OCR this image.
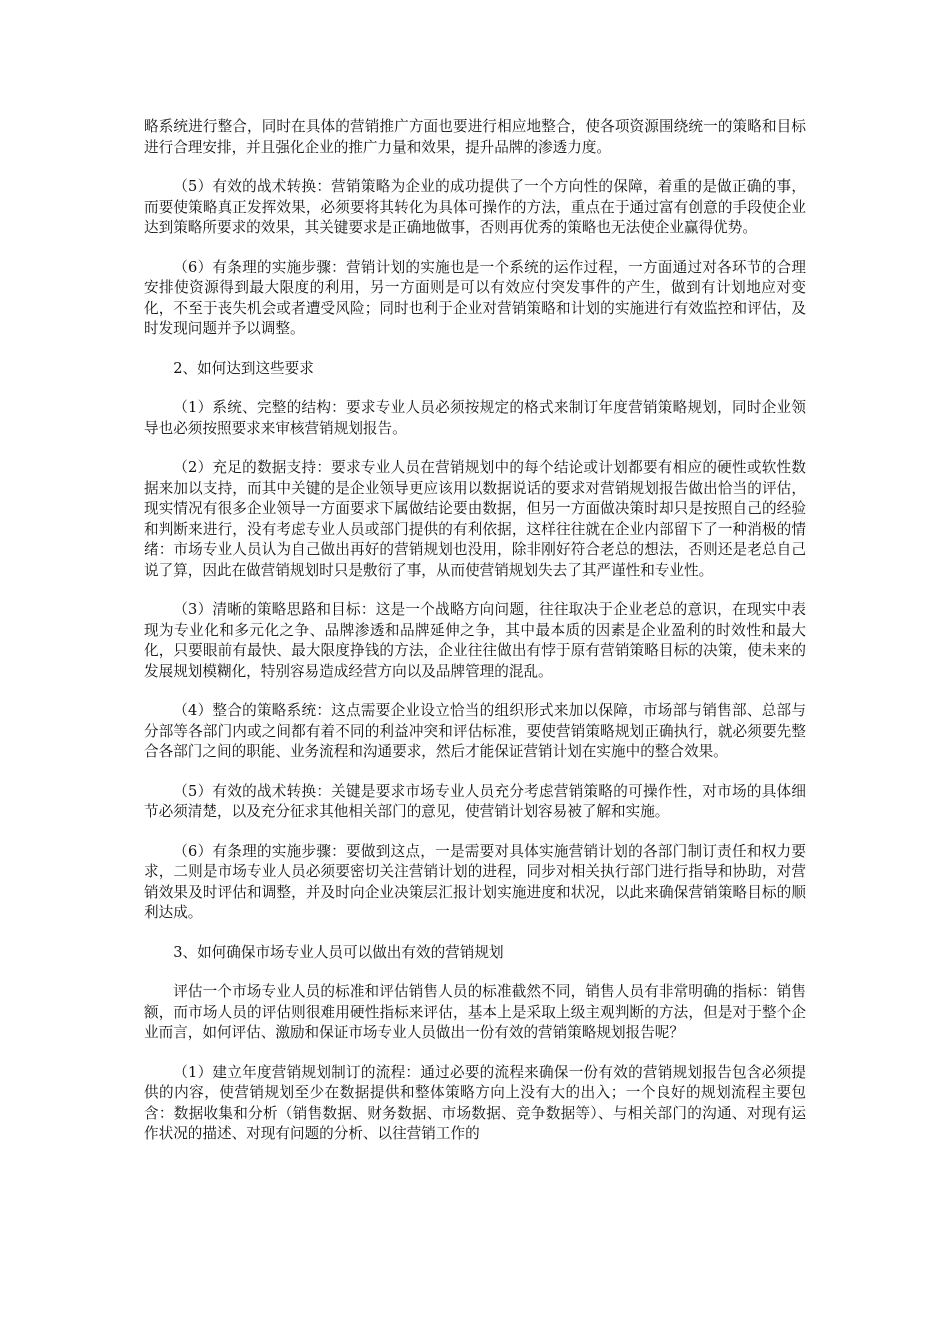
略系统进行整合，同时在具体的营销推广方面也要进行相应地整合，使各项资源围绕统一的策略和目标进行合理安排，并且强化企业的推广力量和效果，提升品牌的渗透力度。

（5）有效的战术转换：营销策略为企业的成功提供了一个方向性的保障，着重的是做正确的事，而要使策略真正发挥效果，必须要将其转化为具体可操作的方法，重点在于通过富有创意的手段使企业达到策略所要求的效果，其关键要求是正确地做事，否则再优秀的策略也无法使企业赢得优势。

（6）有条理的实施步骤：营销计划的实施也是一个系统的运作过程，一方面通过对各环节的合理安排使资源得到最大限度的利用，另一方面则是可以有效应付突发事件的产生，做到有计划地应对变化，不至于丧失机会或者遭受风险；同时也利于企业对营销策略和计划的实施进行有效监控和评估，及时发现问题并予以调整。

2、如何达到这些要求

（1）系统、完整的结构：要求专业人员必须按规定的格式来制订年度营销策略规划，同时企业领导也必须按照要求来审核营销规划报告。

（2）充足的数据支持：要求专业人员在营销规划中的每个结论或计划都要有相应的硬性或软性数据来加以支持，而其中关键的是企业领导更应该用以数据说话的要求对营销规划报告做出恰当的评估，现实情况有很多企业领导一方面要求下属做结论要由数据，但另一方面做决策时却只是按照自己的经验和判断来进行，没有考虑专业人员或部门提供的有利依据，这样往往就在企业内部留下了一种消极的情绪：市场专业人员认为自己做出再好的营销规划也没用，除非刚好符合老总的想法，否则还是老总自己说了算，因此在做营销规划时只是敷衍了事，从而使营销规划失去了其严谨性和专业性。

（3）清晰的策略思路和目标：这是一个战略方向问题，往往取决于企业老总的意识，在现实中表现为专业化和多元化之争、品牌渗透和品牌延伸之争，其中最本质的因素是企业盈利的时效性和最大化，只要眼前有最快、最大限度挣钱的方法，企业往往做出有悖于原有营销策略目标的决策，使未来的发展规划模糊化，特别容易造成经营方向以及品牌管理的混乱。

（4）整合的策略系统：这点需要企业设立恰当的组织形式来加以保障，市场部与销售部、总部与分部等各部门内或之间都有着不同的利益冲突和评估标准，要使营销策略规划正确执行，就必须要先整合各部门之间的职能、业务流程和沟通要求，然后才能保证营销计划在实施中的整合效果。

（5）有效的战术转换：关键是要求市场专业人员充分考虑营销策略的可操作性，对市场的具体细节必须清楚，以及充分征求其他相关部门的意见，使营销计划容易被了解和实施。

（6）有条理的实施步骤：要做到这点，一是需要对具体实施营销计划的各部门制订责任和权力要求，二则是市场专业人员必须要密切关注营销计划的进程，同步对相关执行部门进行指导和协助，对营销效果及时评估和调整，并及时向企业决策层汇报计划实施进度和状况，以此来确保营销策略目标的顺利达成。

3、如何确保市场专业人员可以做出有效的营销规划

评估一个市场专业人员的标准和评估销售人员的标准截然不同，销售人员有非常明确的指标：销售额，而市场人员的评估则很难用硬性指标来评估，基本上是采取上级主观判断的方法，但是对于整个企业而言，如何评估、激励和保证市场专业人员做出一份有效的营销策略规划报告呢？

（1）建立年度营销规划制订的流程：通过必要的流程来确保一份有效的营销规划报告包含必须提供的内容，使营销规划至少在数据提供和整体策略方向上没有大的出入；一个良好的规划流程主要包含：数据收集和分析（销售数据、财务数据、市场数据、竞争数据等）、与相关部门的沟通、对现有运作状况的描述、对现有问题的分析、以往营销工作的
